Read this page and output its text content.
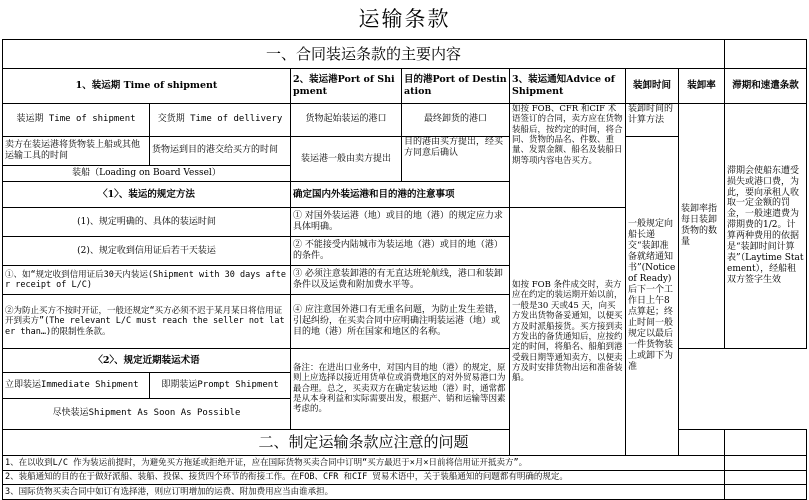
运输条款							
一、合同装运条款的主要内容							
1、装运期 Time of shipment		2、装运港Port of Shipment	目的港Port of Destination	3、装运通知Advice of Shipment	装卸时间	装卸率	滞期和速遣条款
装运期 Time of shipment	交货期 Time of dellivery	货物起始装运的港口	最终卸货的港口	如按 FOB、CFR 和CIF 术语签订的合同，卖方应在货物装船后，按约定的时间，将合同、货物的品名、件数、重量、发票金额、船名及装船日期等项内容电告买方。	装卸时间的计算方法	装卸率指每日装卸货物的数量	滞期会使船东遭受损失或港口费，为此，要向承租人收取一定金额的罚金，一般速遣费为滞期费的1/2。计算两种费用的依据是“装卸时间计算表”（Laytime Statement），经船租双方签字生效
卖方在装运港将货物装上船或其他运输工具的时间	货物运到目的港交给买方的时间	装运港一般由卖方提出	目的港由买方提出，经买方同意后确认		一般规定向船长递交“装卸准备就绪通知书”(Notice of Ready)后下一个工作日上午8点算起；终止时间一般规定以最后一件货物装上或卸下为准		
装船（Loading on Board Vessel）							
〈1〉、装运的规定方法		确定国内外装运港和目的港的注意事项					
(1)、规定明确的、具体的装运时间		① 对国外装运港（地）或目的地（港）的规定应力求具体明确。		如按 FOB 条件成交时，卖方应在约定的装运期开始以前，一般是30 天或45 天，向买方发出货物备妥通知，以便买方及时派船接货。买方接到卖方发出的备货通知后，应按约定的时间，将船名、船舶到港受载日期等通知卖方，以便卖方及时安排货物出运和准备装船。			
(2)、规定收到信用证后若干天装运		② 不能接受内陆城市为装运地（港）或目的地（港）的条件。					
①、如“规定收到信用证后30天内装运(Shipment with 30 days after receipt of L/C)		③ 必须注意装卸港的有无直达班轮航线，港口和装卸条件以及运费和附加费水平等。					
②为防止买方不按时开证，一般还规定“买方必须不迟于某月某日将信用证开到卖方”(The relevant L/C must reach the seller not later than…)的限制性条款。		④ 应注意国外港口有无重名问题，为防止发生差错，引起纠纷，在买卖合同中应明确注明装运港（地）或目的地（港）所在国家和地区的名称。					

〈2〉、规定近期装运术语		备注：在进出口业务中，对国内目的地（港）的规定，原则上应选择以接近用货单位或消费地区的对外贸易港口为最合理。总之，买卖双方在确定装运地（港）时，通常都是从本身利益和实际需要出发，根据产、销和运输等因素考虑的。					
立即装运Immediate Shipment	即期装运Prompt Shipment						
尽快装运Shipment As Soon As Possible							
二、制定运输条款应注意的问题							
1、在以收到L/C 作为装运前提时，为避免买方拖延或拒绝开证，应在国际货物买卖合同中订明“买方最迟于×月×日前将信用证开抵卖方”。							
2、装船通知的目的在于做好派船、装船、投保、接货四个环节的衔接工作。在FOB、CFR 和CIF 贸易术语中，关于装船通知的问题都有明确的规定。							
3、国际货物买卖合同中如订有选择港，则应订明增加的运费、附加费用应当由谁承担。							
